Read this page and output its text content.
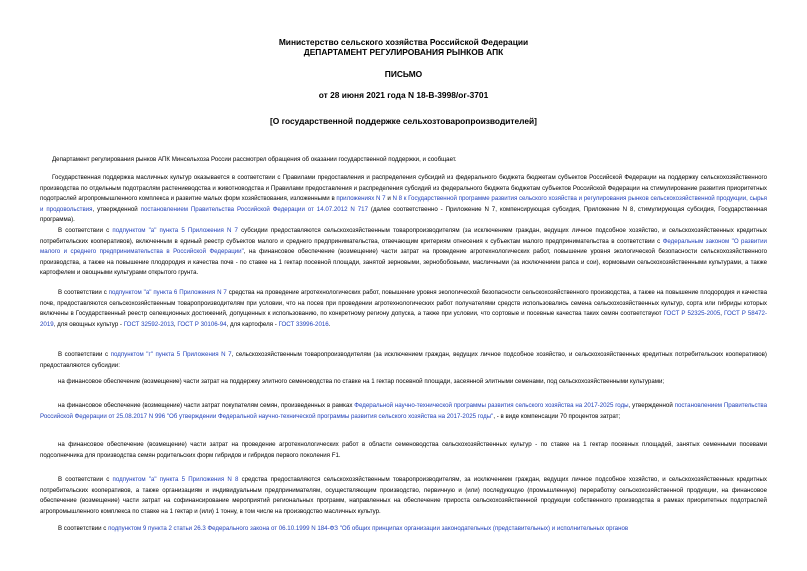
Министерство сельского хозяйства Российской Федерации
ДЕПАРТАМЕНТ РЕГУЛИРОВАНИЯ РЫНКОВ АПК
ПИСЬМО
от 28 июня 2021 года N 18-В-3998/ог-3701
[О государственной поддержке сельхозтоваропроизводителей]
Департамент регулирования рынков АПК Минсельхоза России рассмотрел обращения об оказании государственной поддержки, и сообщает.
Государственная поддержка масличных культур оказывается в соответствии с Правилами предоставления и распределения субсидий из федерального бюджета бюджетам субъектов Российской Федерации на поддержку сельскохозяйственного производства по отдельным подотраслям растениеводства и животноводства и Правилами предоставления и распределения субсидий из федерального бюджета бюджетам субъектов Российской Федерации на стимулирование развития приоритетных подотраслей агропромышленного комплекса и развитие малых форм хозяйствования, изложенными в приложениях N 7 и N 8 к Государственной программе развития сельского хозяйства и регулирования рынков сельскохозяйственной продукции, сырья и продовольствия, утвержденной постановлением Правительства Российской Федерации от 14.07.2012 N 717 (далее соответственно - Приложение N 7, компенсирующая субсидия, Приложение N 8, стимулирующая субсидия, Государственная программа).
В соответствии с подпунктом "а" пункта 5 Приложения N 7 субсидии предоставляются сельскохозяйственным товаропроизводителям (за исключением граждан, ведущих личное подсобное хозяйство, и сельскохозяйственных кредитных потребительских кооперативов), включенным в единый реестр субъектов малого и среднего предпринимательства, отвечающим критериям отнесения к субъектам малого предпринимательства в соответствии с Федеральным законом "О развитии малого и среднего предпринимательства в Российской Федерации", на финансовое обеспечение (возмещение) части затрат на проведение агротехнологических работ, повышение уровня экологической безопасности сельскохозяйственного производства, а также на повышение плодородия и качества почв - по ставке на 1 гектар посевной площади, занятой зерновыми, зернобобовыми, масличными (за исключением рапса и сои), кормовыми сельскохозяйственными культурами, а также картофелем и овощными культурами открытого грунта.
В соответствии с подпунктом "а" пункта 6 Приложения N 7 средства на проведение агротехнологических работ, повышение уровня экологической безопасности сельскохозяйственного производства, а также на повышение плодородия и качества почв, предоставляются сельскохозяйственным товаропроизводителям при условии, что на посев при проведении агротехнологических работ получателями средств использовались семена сельскохозяйственных культур, сорта или гибриды которых включены в Государственный реестр селекционных достижений, допущенных к использованию, по конкретному региону допуска, а также при условии, что сортовые и посевные качества таких семян соответствуют ГОСТ Р 52325-2005, ГОСТ Р 58472-2019, для овощных культур - ГОСТ 32592-2013, ГОСТ Р 30106-94, для картофеля - ГОСТ 33996-2016.
В соответствии с подпунктом "г" пункта 5 Приложения N 7, сельскохозяйственным товаропроизводителям (за исключением граждан, ведущих личное подсобное хозяйство, и сельскохозяйственных кредитных потребительских кооперативов) предоставляются субсидии:
на финансовое обеспечение (возмещение) части затрат на поддержку элитного семеноводства по ставке на 1 гектар посевной площади, засеянной элитными семенами, под сельскохозяйственными культурами;
на финансовое обеспечение (возмещение) части затрат покупателям семян, произведенных в рамках Федеральной научно-технической программы развития сельского хозяйства на 2017-2025 годы, утвержденной постановлением Правительства Российской Федерации от 25.08.2017 N 996 "Об утверждении Федеральной научно-технической программы развития сельского хозяйства на 2017-2025 годы", - в виде компенсации 70 процентов затрат;
на финансовое обеспечение (возмещение) части затрат на проведение агротехнологических работ в области семеноводства сельскохозяйственных культур - по ставке на 1 гектар посевных площадей, занятых семенными посевами подсолнечника для производства семян родительских форм гибридов и гибридов первого поколения F1.
В соответствии с подпунктом "а" пункта 5 Приложения N 8 средства предоставляются сельскохозяйственным товаропроизводителям, за исключением граждан, ведущих личное подсобное хозяйство, и сельскохозяйственных кредитных потребительских кооперативов, а также организациям и индивидуальным предпринимателям, осуществляющим производство, первичную и (или) последующую (промышленную) переработку сельскохозяйственной продукции, на финансовое обеспечение (возмещение) части затрат на софинансирование мероприятий региональных программ, направленных на обеспечение прироста сельскохозяйственной продукции собственного производства в рамках приоритетных подотраслей агропромышленного комплекса по ставке на 1 гектар и (или) 1 тонну, в том числе на производство масличных культур.
В соответствии с подпунктом 9 пункта 2 статьи 26.3 Федерального закона от 06.10.1999 N 184-ФЗ "Об общих принципах организации законодательных (представительных) и исполнительных органов
